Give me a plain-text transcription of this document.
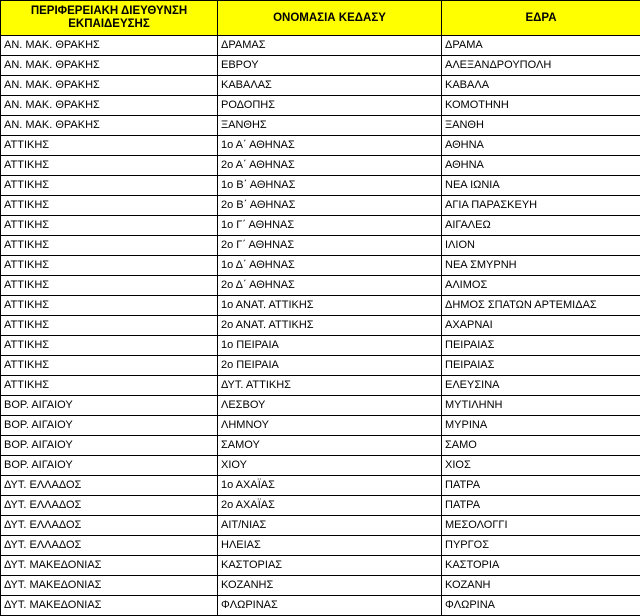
ΠΕΡΙΦΕΡΕΙΑΚΗ ΔΙΕΥΘΥΝΣΗ ΕΚΠΑΙΔΕΥΣΗΣ	ΟΝΟΜΑΣΙΑ ΚΕΔΑΣΥ	ΕΔΡΑ
ΑΝ. ΜΑΚ. ΘΡΑΚΗΣ	ΔΡΑΜΑΣ	ΔΡΑΜΑ
ΑΝ. ΜΑΚ. ΘΡΑΚΗΣ	ΕΒΡΟΥ	ΑΛΕΞΑΝΔΡΟΥΠΟΛΗ
ΑΝ. ΜΑΚ. ΘΡΑΚΗΣ	ΚΑΒΑΛΑΣ	ΚΑΒΑΛΑ
ΑΝ. ΜΑΚ. ΘΡΑΚΗΣ	ΡΟΔΟΠΗΣ	ΚΟΜΟΤΗΝΗ
ΑΝ. ΜΑΚ. ΘΡΑΚΗΣ	ΞΑΝΘΗΣ	ΞΑΝΘΗ
ΑΤΤΙΚΗΣ	1ο Α΄ ΑΘΗΝΑΣ	ΑΘΗΝΑ
ΑΤΤΙΚΗΣ	2ο Α΄ ΑΘΗΝΑΣ	ΑΘΗΝΑ
ΑΤΤΙΚΗΣ	1ο Β΄ ΑΘΗΝΑΣ	ΝΕΑ ΙΩΝΙΑ
ΑΤΤΙΚΗΣ	2ο Β΄ ΑΘΗΝΑΣ	ΑΓΙΑ ΠΑΡΑΣΚΕΥΗ
ΑΤΤΙΚΗΣ	1ο Γ΄ ΑΘΗΝΑΣ	ΑΙΓΑΛΕΩ
ΑΤΤΙΚΗΣ	2ο Γ΄ ΑΘΗΝΑΣ	ΙΛΙΟΝ
ΑΤΤΙΚΗΣ	1ο Δ΄ ΑΘΗΝΑΣ	ΝΕΑ ΣΜΥΡΝΗ
ΑΤΤΙΚΗΣ	2ο Δ΄ ΑΘΗΝΑΣ	ΑΛΙΜΟΣ
ΑΤΤΙΚΗΣ	1ο ΑΝΑΤ. ΑΤΤΙΚΗΣ	ΔΗΜΟΣ ΣΠΑΤΩΝ ΑΡΤΕΜΙΔΑΣ
ΑΤΤΙΚΗΣ	2ο ΑΝΑΤ. ΑΤΤΙΚΗΣ	ΑΧΑΡΝΑΙ
ΑΤΤΙΚΗΣ	1ο ΠΕΙΡΑΙΑ	ΠΕΙΡΑΙΑΣ
ΑΤΤΙΚΗΣ	2ο ΠΕΙΡΑΙΑ	ΠΕΙΡΑΙΑΣ
ΑΤΤΙΚΗΣ	ΔΥΤ. ΑΤΤΙΚΗΣ	ΕΛΕΥΣΙΝΑ
ΒΟΡ. ΑΙΓΑΙΟΥ	ΛΕΣΒΟΥ	ΜΥΤΙΛΗΝΗ
ΒΟΡ. ΑΙΓΑΙΟΥ	ΛΗΜΝΟΥ	ΜΥΡΙΝΑ
ΒΟΡ. ΑΙΓΑΙΟΥ	ΣΑΜΟΥ	ΣΑΜΟ
ΒΟΡ. ΑΙΓΑΙΟΥ	ΧΙΟΥ	ΧΙΟΣ
ΔΥΤ. ΕΛΛΑΔΟΣ	1ο ΑΧΑΪΑΣ	ΠΑΤΡΑ
ΔΥΤ. ΕΛΛΑΔΟΣ	2ο ΑΧΑΪΑΣ	ΠΑΤΡΑ
ΔΥΤ. ΕΛΛΑΔΟΣ	ΑΙΤ/ΝΙΑΣ	ΜΕΣΟΛΟΓΓΙ
ΔΥΤ. ΕΛΛΑΔΟΣ	ΗΛΕΙΑΣ	ΠΥΡΓΟΣ
ΔΥΤ. ΜΑΚΕΔΟΝΙΑΣ	ΚΑΣΤΟΡΙΑΣ	ΚΑΣΤΟΡΙΑ
ΔΥΤ. ΜΑΚΕΔΟΝΙΑΣ	ΚΟΖΑΝΗΣ	ΚΟΖΑΝΗ
ΔΥΤ. ΜΑΚΕΔΟΝΙΑΣ	ΦΛΩΡΙΝΑΣ	ΦΛΩΡΙΝΑ
